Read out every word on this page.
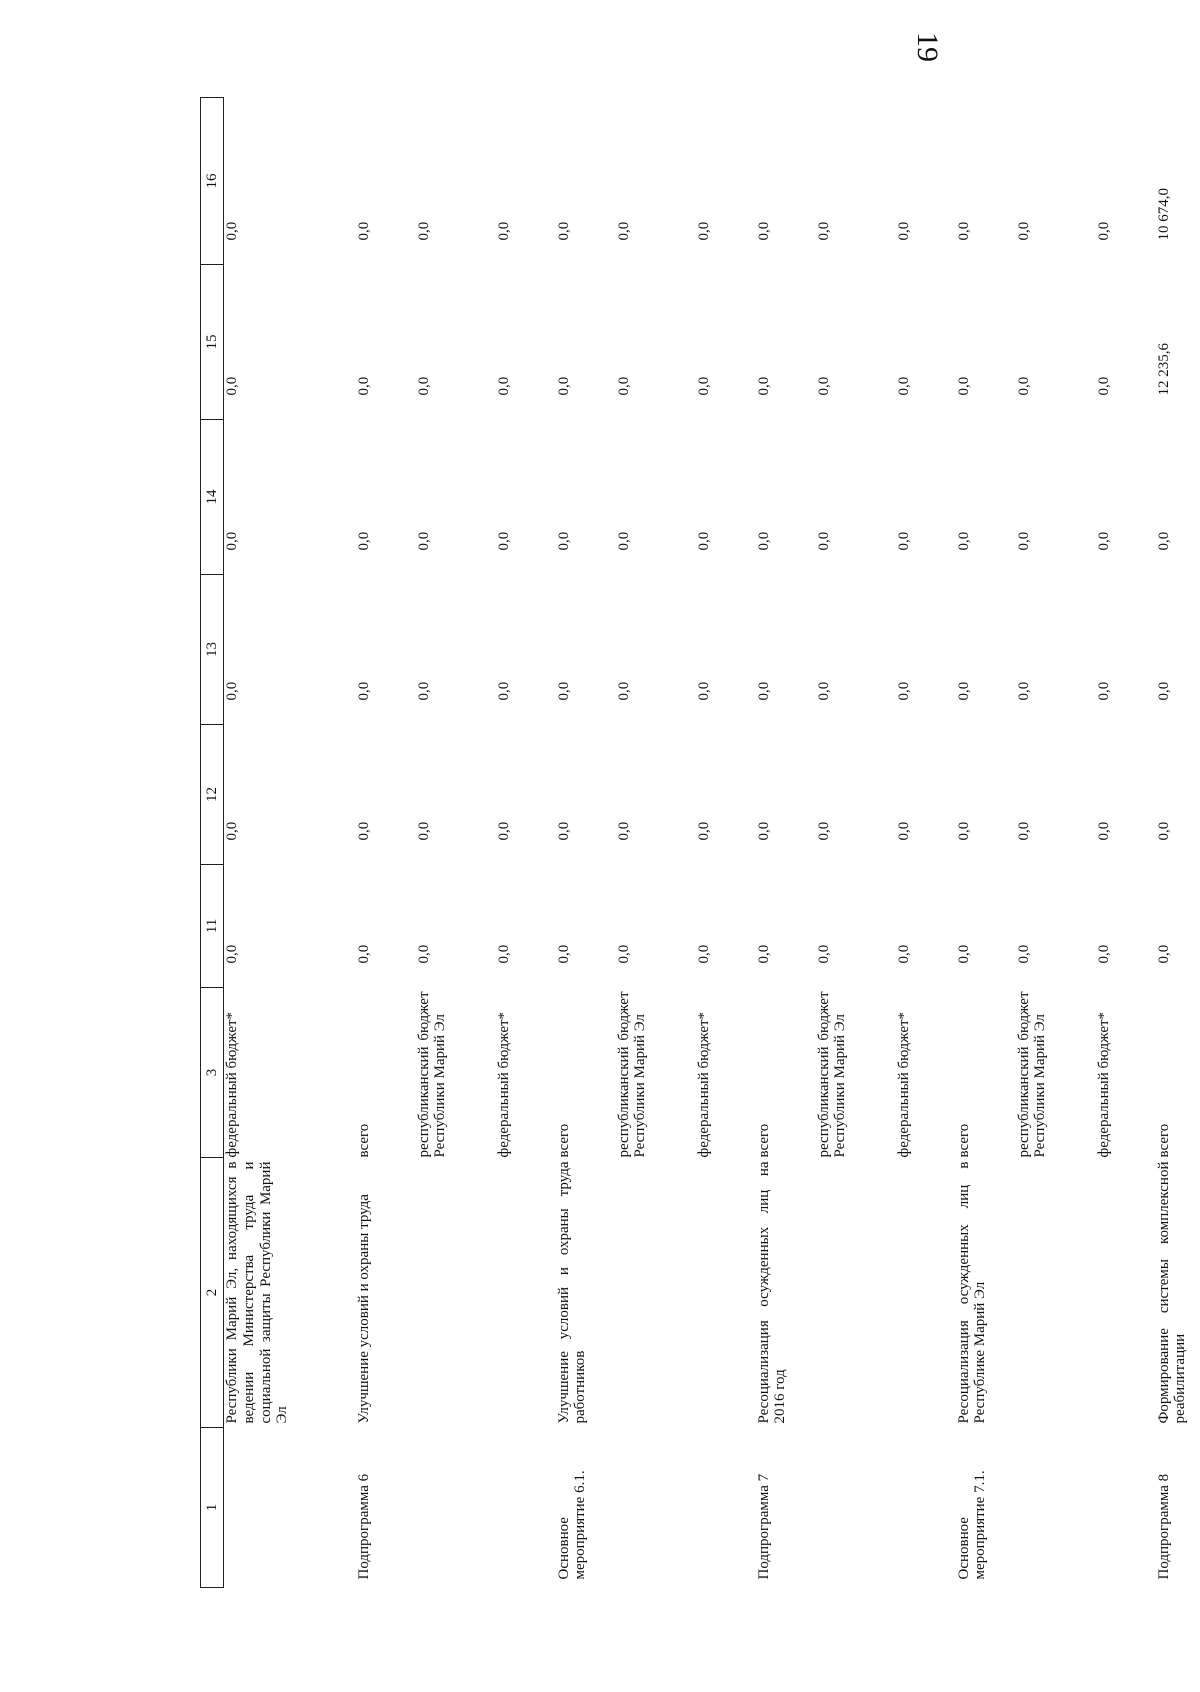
19
1	2	3	11	12	13	14	15	16
	Республики Марий Эл, находящихся в ведении Министерства труда и социальной защиты Республики Марий Эл	федеральный бюджет*	0,0	0,0	0,0	0,0	0,0	0,0
Подпрограмма 6	Улучшение условий и охраны труда	всего	0,0	0,0	0,0	0,0	0,0	0,0
		республиканский бюджет Республики Марий Эл	0,0	0,0	0,0	0,0	0,0	0,0
		федеральный бюджет*	0,0	0,0	0,0	0,0	0,0	0,0
Основное мероприятие 6.1.	Улучшение условий и охраны труда работников	всего	0,0	0,0	0,0	0,0	0,0	0,0
		республиканский бюджет Республики Марий Эл	0,0	0,0	0,0	0,0	0,0	0,0
		федеральный бюджет*	0,0	0,0	0,0	0,0	0,0	0,0
Подпрограмма 7	Ресоциализация осужденных лиц на 2016 год	всего	0,0	0,0	0,0	0,0	0,0	0,0
		республиканский бюджет Республики Марий Эл	0,0	0,0	0,0	0,0	0,0	0,0
		федеральный бюджет*	0,0	0,0	0,0	0,0	0,0	0,0
Основное мероприятие 7.1.	Ресоциализация осужденных лиц в Республике Марий Эл	всего	0,0	0,0	0,0	0,0	0,0	0,0
		республиканский бюджет Республики Марий Эл	0,0	0,0	0,0	0,0	0,0	0,0
		федеральный бюджет*	0,0	0,0	0,0	0,0	0,0	0,0
Подпрограмма 8	Формирование системы комплексной реабилитации	всего	0,0	0,0	0,0	0,0	12 235,6	10 674,0
